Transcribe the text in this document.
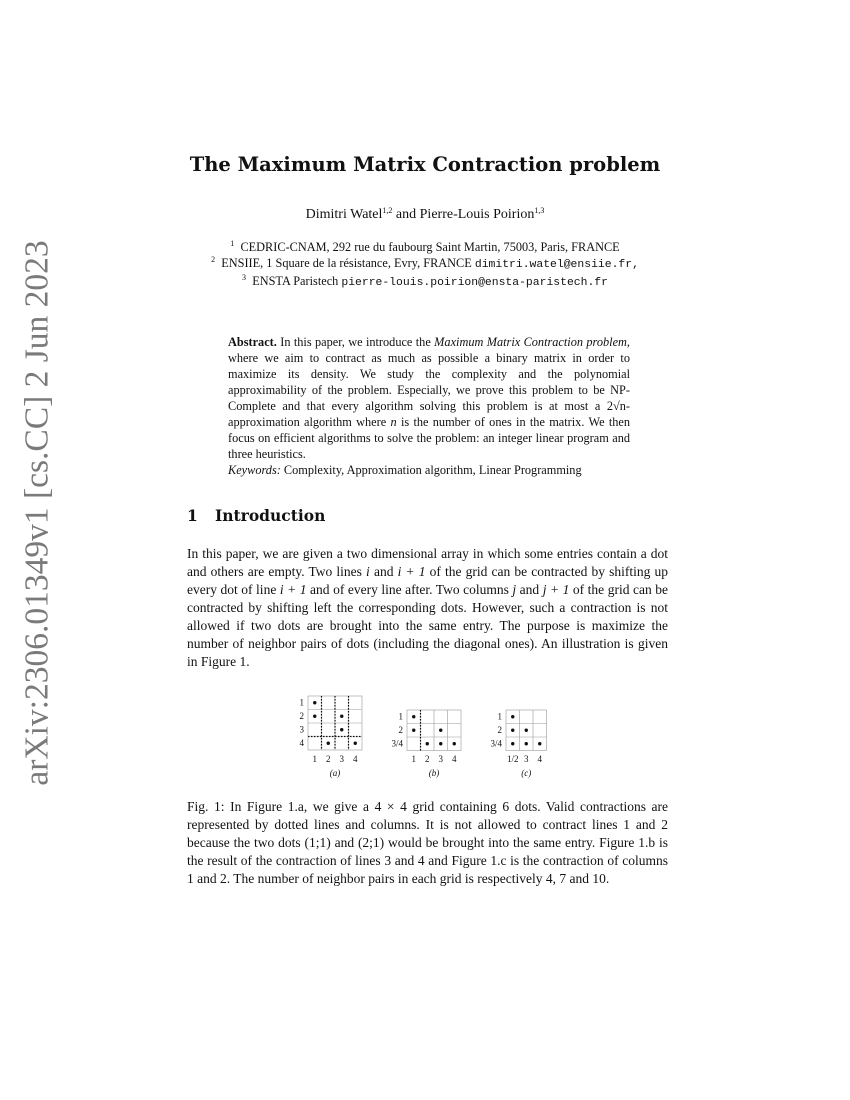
arXiv:2306.01349v1 [cs.CC] 2 Jun 2023
The Maximum Matrix Contraction problem
Dimitri Watel$^{1,2}$ and Pierre-Louis Poirion$^{1,3}$
$^1$ CEDRIC-CNAM, 292 rue du faubourg Saint Martin, 75003, Paris, FRANCE
$^2$ ENSIIE, 1 Square de la résistance, Evry, FRANCE dimitri.watel@ensiie.fr,
$^3$ ENSTA Paristech pierre-louis.poirion@ensta-paristech.fr
Abstract. In this paper, we introduce the Maximum Matrix Contraction problem, where we aim to contract as much as possible a binary matrix in order to maximize its density. We study the complexity and the polynomial approximability of the problem. Especially, we prove this problem to be NP-Complete and that every algorithm solving this problem is at most a 2√n-approximation algorithm where n is the number of ones in the matrix. We then focus on efficient algorithms to solve the problem: an integer linear program and three heuristics.
Keywords: Complexity, Approximation algorithm, Linear Programming
1 Introduction
In this paper, we are given a two dimensional array in which some entries contain a dot and others are empty. Two lines i and i + 1 of the grid can be contracted by shifting up every dot of line i + 1 and of every line after. Two columns j and j + 1 of the grid can be contracted by shifting left the corresponding dots. However, such a contraction is not allowed if two dots are brought into the same entry. The purpose is maximize the number of neighbor pairs of dots (including the diagonal ones). An illustration is given in Figure 1.
1
2
3
4
1 2 3 4
(a)
1
2
3/4
1 2 3 4
(b)
1
2
3/4
1/2 3 4
(c)
Fig. 1: In Figure 1.a, we give a 4 × 4 grid containing 6 dots. Valid contractions are represented by dotted lines and columns. It is not allowed to contract lines 1 and 2 because the two dots (1;1) and (2;1) would be brought into the same entry. Figure 1.b is the result of the contraction of lines 3 and 4 and Figure 1.c is the contraction of columns 1 and 2. The number of neighbor pairs in each grid is respectively 4, 7 and 10.
